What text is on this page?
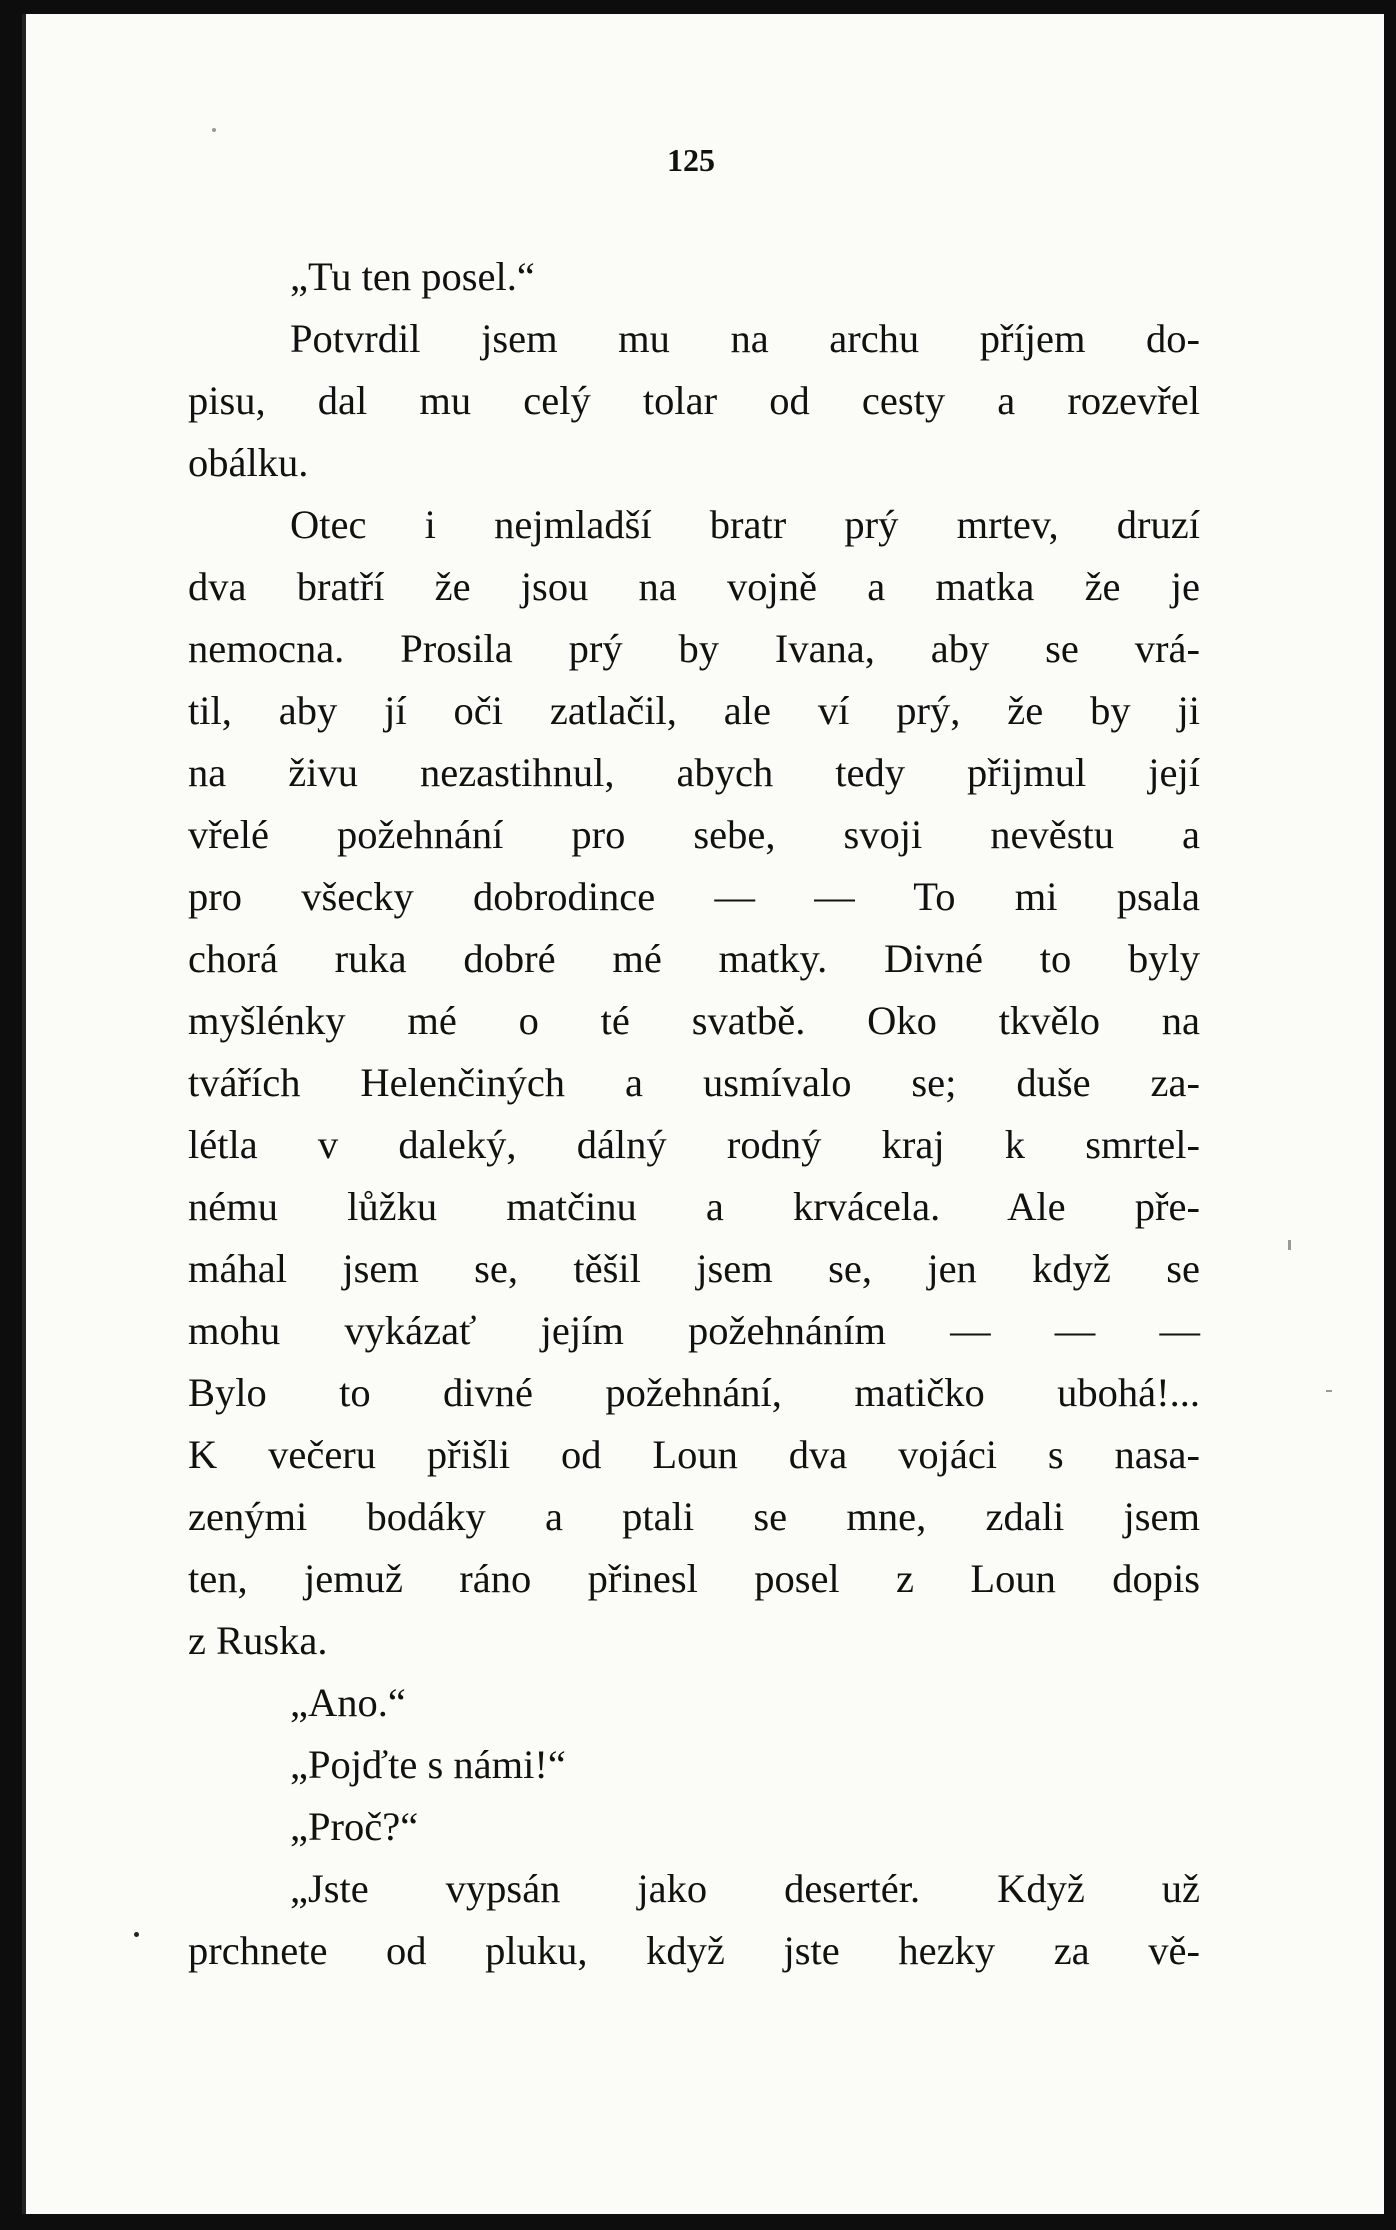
125
„Tu ten posel.“
Potvrdil jsem mu na archu příjem do-
pisu, dal mu celý tolar od cesty a rozevřel
obálku.
Otec i nejmladší bratr prý mrtev, druzí
dva bratří že jsou na vojně a matka že je
nemocna. Prosila prý by Ivana, aby se vrá-
til, aby jí oči zatlačil, ale ví prý, že by ji
na živu nezastihnul, abych tedy přijmul její
vřelé požehnání pro sebe, svoji nevěstu a
pro všecky dobrodince — — To mi psala
chorá ruka dobré mé matky. Divné to byly
myšlénky mé o té svatbě. Oko tkvělo na
tvářích Helenčiných a usmívalo se; duše za-
létla v daleký, dálný rodný kraj k smrtel-
nému lůžku matčinu a krvácela. Ale pře-
máhal jsem se, těšil jsem se, jen když se
mohu vykázať jejím požehnáním — — —
Bylo to divné požehnání, matičko ubohá!...
K večeru přišli od Loun dva vojáci s nasa-
zenými bodáky a ptali se mne, zdali jsem
ten, jemuž ráno přinesl posel z Loun dopis
z Ruska.
„Ano.“
„Pojďte s námi!“
„Proč?“
„Jste vypsán jako desertér. Když už
prchnete od pluku, když jste hezky za vě-
